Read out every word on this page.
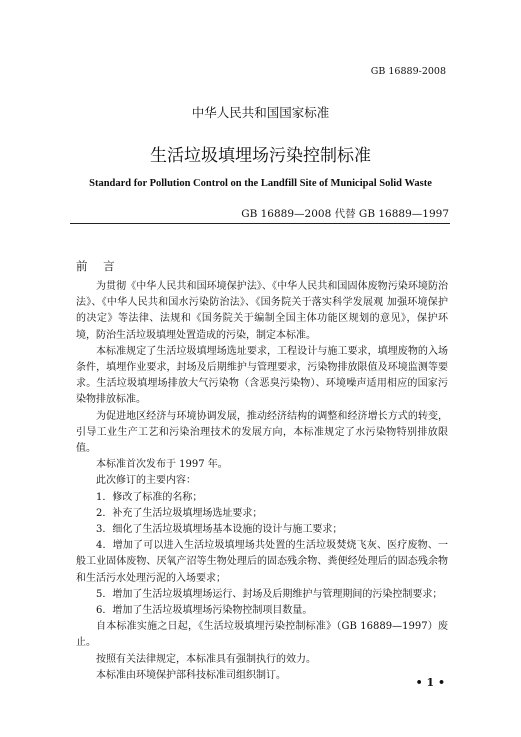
GB 16889-2008
中华人民共和国国家标准
生活垃圾填埋场污染控制标准
Standard for Pollution Control on the Landfill Site of Municipal Solid Waste
GB 16889—2008 代替 GB 16889—1997
前 言

为贯彻《中华人民共和国环境保护法》、《中华人民共和国固体废物污染环境防治法》、《中华人民共和国水污染防治法》、《国务院关于落实科学发展观 加强环境保护的决定》等法律、法规和《国务院关于编制全国主体功能区规划的意见》，保护环境，防治生活垃圾填埋处置造成的污染，制定本标准。

本标准规定了生活垃圾填埋场选址要求，工程设计与施工要求，填埋废物的入场条件，填埋作业要求，封场及后期维护与管理要求，污染物排放限值及环境监测等要求。生活垃圾填埋场排放大气污染物（含恶臭污染物）、环境噪声适用相应的国家污染物排放标准。

为促进地区经济与环境协调发展，推动经济结构的调整和经济增长方式的转变，引导工业生产工艺和污染治理技术的发展方向，本标准规定了水污染物特别排放限值。

本标准首次发布于 1997 年。

此次修订的主要内容：

1．修改了标准的名称；

2．补充了生活垃圾填埋场选址要求；

3．细化了生活垃圾填埋场基本设施的设计与施工要求；

4．增加了可以进入生活垃圾填埋场共处置的生活垃圾焚烧飞灰、医疗废物、一般工业固体废物、厌氧产沼等生物处理后的固态残余物、粪便经处理后的固态残余物和生活污水处理污泥的入场要求；

5．增加了生活垃圾填埋场运行、封场及后期维护与管理期间的污染控制要求；

6．增加了生活垃圾填埋场污染物控制项目数量。

自本标准实施之日起，《生活垃圾填埋污染控制标准》（GB 16889—1997）废止。

按照有关法律规定，本标准具有强制执行的效力。

本标准由环境保护部科技标准司组织制订。

• 1 •
